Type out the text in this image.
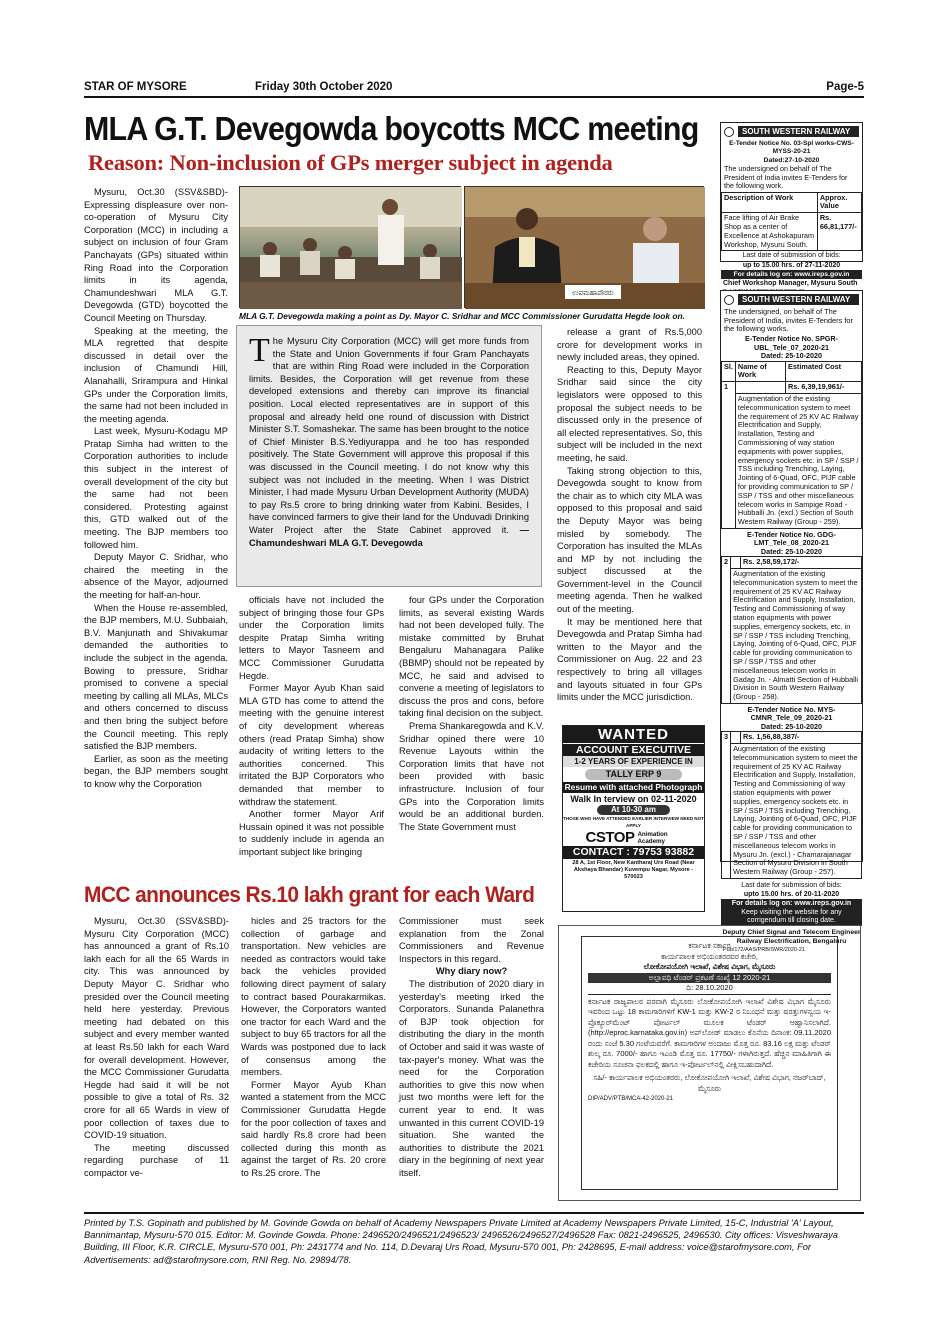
STAR OF MYSORE	Friday 30th October 2020	Page-5
MLA G.T. Devegowda boycotts MCC meeting
Reason: Non-inclusion of GPs merger subject in agenda

Mysuru, Oct.30 (SSV&SBD)- Expressing displeasure over non-co-operation of Mysuru City Corporation (MCC) in including a subject on inclusion of four Gram Panchayats (GPs) situated within Ring Road into the Corporation limits in its agenda, Chamundeshwari MLA G.T. Devegowda (GTD) boycotted the Council Meeting on Thursday.

Speaking at the meeting, the MLA regretted that despite discussed in detail over the inclusion of Chamundi Hill, Alanahalli, Srirampura and Hinkal GPs under the Corporation limits, the same had not been included in the meeting agenda.

Last week, Mysuru-Kodagu MP Pratap Simha had written to the Corporation authorities to include this subject in the interest of overall development of the city but the same had not been considered. Protesting against this, GTD walked out of the meeting. The BJP members too followed him.

Deputy Mayor C. Sridhar, who chaired the meeting in the absence of the Mayor, adjourned the meeting for half-an-hour.

When the House re-assembled, the BJP members, M.U. Subbaiah, B.V. Manjunath and Shivakumar demanded the authorities to include the subject in the agenda. Bowing to pressure, Sridhar promised to convene a special meeting by calling all MLAs, MLCs and others concerned to discuss and then bring the subject before the Council meeting. This reply satisfied the BJP members.

Earlier, as soon as the meeting began, the BJP members sought to know why the Corporation

ಉಪಮಹಾಪೌರರು
MLA G.T. Devegowda making a point as Dy. Mayor C. Sridhar and MCC Commissioner Gurudatta Hegde look on.
The Mysuru City Corporation (MCC) will get more funds from the State and Union Governments if four Gram Panchayats that are within Ring Road were included in the Corporation limits. Besides, the Corporation will get revenue from these developed extensions and thereby can improve its financial position. Local elected representatives are in support of this proposal and already held one round of discussion with District Minister S.T. Somashekar. The same has been brought to the notice of Chief Minister B.S.Yediyurappa and he too has responded positively. The State Government will approve this proposal if this was discussed in the Council meeting. I do not know why this subject was not included in the meeting. When I was District Minister, I had made Mysuru Urban Development Authority (MUDA) to pay Rs.5 crore to bring drinking water from Kabini. Besides, I have convinced farmers to give their land for the Unduvadi Drinking Water Project after the State Cabinet approved it. — Chamundeshwari MLA G.T. Devegowda

officials have not included the subject of bringing those four GPs under the Corporation limits despite Pratap Simha writing letters to Mayor Tasneem and MCC Commissioner Gurudatta Hegde.

Former Mayor Ayub Khan said MLA GTD has come to attend the meeting with the genuine interest of city development whereas others (read Pratap Simha) show audacity of writing letters to the authorities concerned. This irritated the BJP Corporators who demanded that member to withdraw the statement.

Another former Mayor Arif Hussain opined it was not possible to suddenly include in agenda an important subject like bringing

four GPs under the Corporation limits, as several existing Wards had not been developed fully. The mistake committed by Bruhat Bengaluru Mahanagara Palike (BBMP) should not be repeated by MCC, he said and advised to convene a meeting of legislators to discuss the pros and cons, before taking final decision on the subject.

Prema Shankaregowda and K.V. Sridhar opined there were 10 Revenue Layouts within the Corporation limits that have not been provided with basic infrastructure. Inclusion of four GPs into the Corporation limits would be an additional burden. The State Government must

release a grant of Rs.5,000 crore for development works in newly included areas, they opined.

Reacting to this, Deputy Mayor Sridhar said since the city legislators were opposed to this proposal the subject needs to be discussed only in the presence of all elected representatives. So, this subject will be included in the next meeting, he said.

Taking strong objection to this, Devegowda sought to know from the chair as to which city MLA was opposed to this proposal and said the Deputy Mayor was being misled by somebody. The Corporation has insulted the MLAs and MP by not including the subject discussed at the Government-level in the Council meeting agenda. Then he walked out of the meeting.

It may be mentioned here that Devegowda and Pratap Simha had written to the Mayor and the Commissioner on Aug. 22 and 23 respectively to bring all villages and layouts situated in four GPs limits under the MCC jurisdiction.

SOUTH WESTERN RAILWAY
E-Tender Notice No. 03-Spl works-CWS-MYSS-20-21
Dated:27-10-2020
The undersigned on behalf of The President of India invites E-Tenders for the following work.
Description of Work	Approx. Value
Face lifting of Air Brake Shop as a center of Excellence at Ashokapuram Workshop, Mysuru South.	Rs. 66,81,177/-
Last date of submission of bids:
up to 15.00 hrs. of 27-11-2020
For details log on: www.ireps.gov.in
Chief Workshop Manager, Mysuru South
SOUTH WESTERN RAILWAY
The undersigned, on behalf of The President of India, invites E-Tenders for the following works.
E-Tender Notice No. SPGR-UBL_Tele_07_2020-21
Dated: 25-10-2020
Sl.	Name of Work	Estimated Cost
1		Rs. 6,39,19,961/-
	Augmentation of the existing telecommunication system to meet the requirement of 25 KV AC Railway Electrification and Supply, Installation, Testing and Commissioning of way station equipments with power supplies, emergency sockets etc. in SP / SSP / TSS including Trenching, Laying, Jointing of 6-Quad, OFC, PIJF cable for providing communication to SP / SSP / TSS and other miscellaneous telecom works in Sampige Road - Hubballi Jn. (excl.) Section of South Western Railway (Group - 259).	
E-Tender Notice No. GDG-LMT_Tele_08_2020-21
Dated: 25-10-2020
2		Rs. 2,58,59,172/-
Augmentation of the existing telecommunication system to meet the requirement of 25 KV AC Railway Electrification and Supply, Installation, Testing and Commissioning of way station equipments with power supplies, emergency sockets, etc. in SP / SSP / TSS including Trenching, Laying, Jointing of 6-Quad, OFC, PIJF cable for providing communication to SP / SSP / TSS and other miscellaneous telecom works in Gadag Jn. - Almatti Section of Hubballi Division in South Western Railway (Group - 258).
E-Tender Notice No. MYS-CMNR_Tele_09_2020-21
Dated: 25-10-2020
3		Rs. 1,56,88,387/-
Augmentation of the existing telecommunication system to meet the requirement of 25 KV AC Railway Electrification and Supply, Installation, Testing and Commissioning of way station equipments with power supplies, emergency sockets etc. in SP / SSP / TSS including Trenching, Laying, Jointing of 6-Quad, OFC, PIJF cable for providing communication to SP / SSP / TSS and other miscellaneous telecom works in Mysuru Jn. (excl.) - Chamarajanagar Section of Mysuru Division in South Western Railway (Group - 257).
Last date for submission of bids:
upto 15.00 hrs. of 20-11-2020
For details log on: www.ireps.gov.in
Keep visiting the website for any corrigendum till closing date.
Deputy Chief Signal and Telecom Engineer
Railway Electrification, Bengaluru
Pub/172/AAS/PRB/SWR/2020-21
WANTED
ACCOUNT EXECUTIVE
1-2 YEARS OF EXPERIENCE IN
TALLY ERP 9
Resume with attached Photograph
Walk In terview on 02-11-2020
At 10-30 am
THOSE WHO HAVE ATTENDED EARLIER INTERVIEW NEED NOT APPLY
CSTOP Animation Academy
CONTACT : 79753 93882
28 A, 1st Floor, New Kantharaj Urs Road (Near Akshaya Bhandar) Kuvempu Nagar, Mysore - 570023
MCC announces Rs.10 lakh grant for each Ward

Mysuru, Oct.30 (SSV&SBD)- Mysuru City Corporation (MCC) has announced a grant of Rs.10 lakh each for all the 65 Wards in city. This was announced by Deputy Mayor C. Sridhar who presided over the Council meeting held here yesterday. Previous meeting had debated on this subject and every member wanted at least Rs.50 lakh for each Ward for overall development. However, the MCC Commissioner Gurudatta Hegde had said it will be not possible to give a total of Rs. 32 crore for all 65 Wards in view of poor collection of taxes due to COVID-19 situation.

The meeting discussed regarding purchase of 11 compactor ve-

hicles and 25 tractors for the collection of garbage and transportation. New vehicles are needed as contractors would take back the vehicles provided following direct payment of salary to contract based Pourakarmikas. However, the Corporators wanted one tractor for each Ward and the subject to buy 65 tractors for all the Wards was postponed due to lack of consensus among the members.

Former Mayor Ayub Khan wanted a statement from the MCC Commissioner Gurudatta Hegde for the poor collection of taxes and said hardly Rs.8 crore had been collected during this month as against the target of Rs. 20 crore to Rs.25 crore. The

Commissioner must seek explanation from the Zonal Commissioners and Revenue Inspectors in this regard.

Why diary now?

The distribution of 2020 diary in yesterday's meeting irked the Corporators. Sunanda Palanethra of BJP took objection for distributing the diary in the month of October and said it was waste of tax-payer's money. What was the need for the Corporation authorities to give this now when just two months were left for the current year to end. It was unwanted in this current COVID-19 situation. She wanted the authorities to distribute the 2021 diary in the beginning of next year itself.

ಕರ್ನಾಟಕ ಸರ್ಕಾರ
ಕಾರ್ಯಪಾಲಕ ಅಭಿಯಂತರರವರ ಕಚೇರಿ,
ಲೋಕೋಪಯೋಗಿ ಇಲಾಖೆ, ವಿಶೇಷ ವಿಭಾಗ, ಮೈಸೂರು
ಅಲ್ಪಾವಧಿ ಟೆಂಡರ್ ಪ್ರಕಟಣೆ ಸಂಖ್ಯೆ 12 2020-21
ದಿ: 28.10.2020
ಕರ್ನಾಟಕ ರಾಜ್ಯಪಾಲರ ಪರವಾಗಿ ಮೈಸೂರು ಲೋಕೋಪಯೋಗಿ ಇಲಾಖೆ ವಿಶೇಷ ವಿಭಾಗ ಮೈಸೂರು ಇವರಿಂದ ಒಟ್ಟು 18 ಕಾಮಗಾರಿಗಳಿಗೆ KW-1 ಮತ್ತು KW-2 ರ ನಿಬಂಧನೆ ಮತ್ತು ಷರತ್ತುಗಳನ್ವಯ ಇ-ಪ್ರೊಕ್ಯೂರ್‌ಮೆಂಟ್ ಪೋರ್ಟಲ್ ಮೂಲಕ ಟೆಂಡರ್ ಆಹ್ವಾನಿಸಲಾಗಿದೆ. (http://eproc.karnataka.gov.in) ಅಪ್‌ಲೋಡ್ ಮಾಡಲು ಕೊನೆಯ ದಿನಾಂಕ: 09.11.2020 ರಂದು ಸಂಜೆ 5.30 ಗಂಟೆಯವರೆಗೆ. ಕಾಮಗಾರಿಗಳ ಅಂದಾಜು ಮೊತ್ತ ರೂ. 83.16 ಲಕ್ಷ ಮತ್ತು ಟೆಂಡರ್ ಶುಲ್ಕ ರೂ. 7000/- ಹಾಗೂ ಇಎಂಡಿ ಮೊತ್ತ ರೂ. 17750/- ಗಳಾಗಿರುತ್ತದೆ. ಹೆಚ್ಚಿನ ಮಾಹಿತಿಗಾಗಿ ಈ ಕಚೇರಿಯ ಸೂಚನಾ ಫಲಕದಲ್ಲಿ ಹಾಗೂ ಇ-ಪೋರ್ಟಲ್‌ನಲ್ಲಿ ವೀಕ್ಷಿಸಬಹುದಾಗಿದೆ.
ಸಹಿ/- ಕಾರ್ಯಪಾಲಕ ಅಭಿಯಂತರರು, ಲೋಕೋಪಯೋಗಿ ಇಲಾಖೆ, ವಿಶೇಷ ವಿಭಾಗ, ನಜರ್‌ಬಾದ್, ಮೈಸೂರು
DIP/ADV/PTB/MCA-42-2020-21
Printed by T.S. Gopinath and published by M. Govinde Gowda on behalf of Academy Newspapers Private Limited at Academy Newspapers Private Limited, 15-C, Industrial 'A' Layout, Bannimantap, Mysuru-570 015. Editor: M. Govinde Gowda. Phone: 2496520/2496521/2496523/ 2496526/2496527/2496528 Fax: 0821-2496525, 2496530. City offices: Visveshwaraya Building, III Floor, K.R. CIRCLE, Mysuru-570 001, Ph: 2431774 and No. 114, D.Devaraj Urs Road, Mysuru-570 001, Ph: 2428695, E-mail address: voice@starofmysore.com, For Advertisements: ad@starofmysore.com, RNI Reg. No. 29894/78.
